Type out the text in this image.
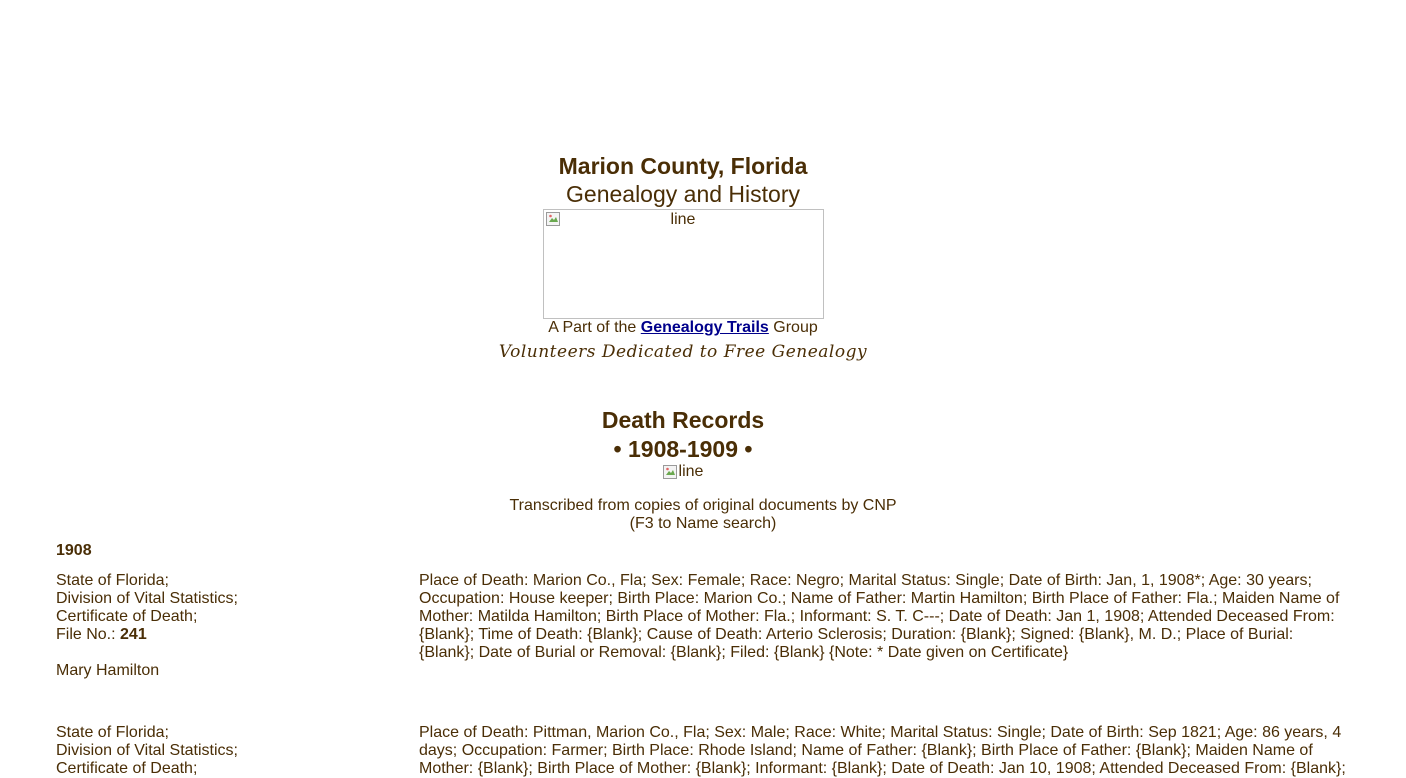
Marion County, Florida
Genealogy and History
line
A Part of the Genealogy Trails Group
Volunteers Dedicated to Free Genealogy
Death Records
• 1908-1909 •
line
Transcribed from copies of original documents by CNP
(F3 to Name search)
1908
State of Florida;
Division of Vital Statistics;
Certificate of Death;
File No.: 241
Mary Hamilton
Place of Death: Marion Co., Fla; Sex: Female; Race: Negro; Marital Status: Single; Date of Birth: Jan, 1, 1908*; Age: 30 years; Occupation: House keeper; Birth Place: Marion Co.; Name of Father: Martin Hamilton; Birth Place of Father: Fla.; Maiden Name of Mother: Matilda Hamilton; Birth Place of Mother: Fla.; Informant: S. T. C---; Date of Death: Jan 1, 1908; Attended Deceased From: {Blank}; Time of Death: {Blank}; Cause of Death: Arterio Sclerosis; Duration: {Blank}; Signed: {Blank}, M. D.; Place of Burial: {Blank}; Date of Burial or Removal: {Blank}; Filed: {Blank} {Note: * Date given on Certificate}
State of Florida;
Division of Vital Statistics;
Certificate of Death;
Place of Death: Pittman, Marion Co., Fla; Sex: Male; Race: White; Marital Status: Single; Date of Birth: Sep 1821; Age: 86 years, 4 days; Occupation: Farmer; Birth Place: Rhode Island; Name of Father: {Blank}; Birth Place of Father: {Blank}; Maiden Name of Mother: {Blank}; Birth Place of Mother: {Blank}; Informant: {Blank}; Date of Death: Jan 10, 1908; Attended Deceased From: {Blank};
